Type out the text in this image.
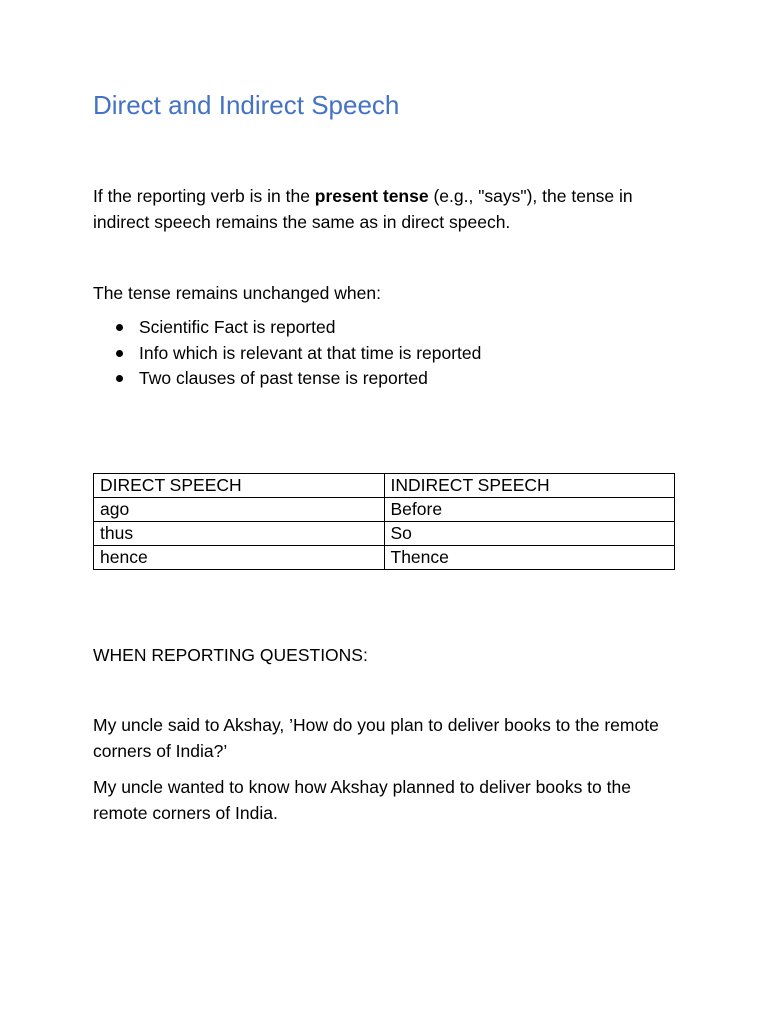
Direct and Indirect Speech

If the reporting verb is in the present tense (e.g., "says"), the tense in indirect speech remains the same as in direct speech.

The tense remains unchanged when:

Scientific Fact is reported
Info which is relevant at that time is reported
Two clauses of past tense is reported
DIRECT SPEECH	INDIRECT SPEECH
ago	Before
thus	So
hence	Thence

WHEN REPORTING QUESTIONS:

My uncle said to Akshay, ’How do you plan to deliver books to the remote corners of India?’

My uncle wanted to know how Akshay planned to deliver books to the remote corners of India.
